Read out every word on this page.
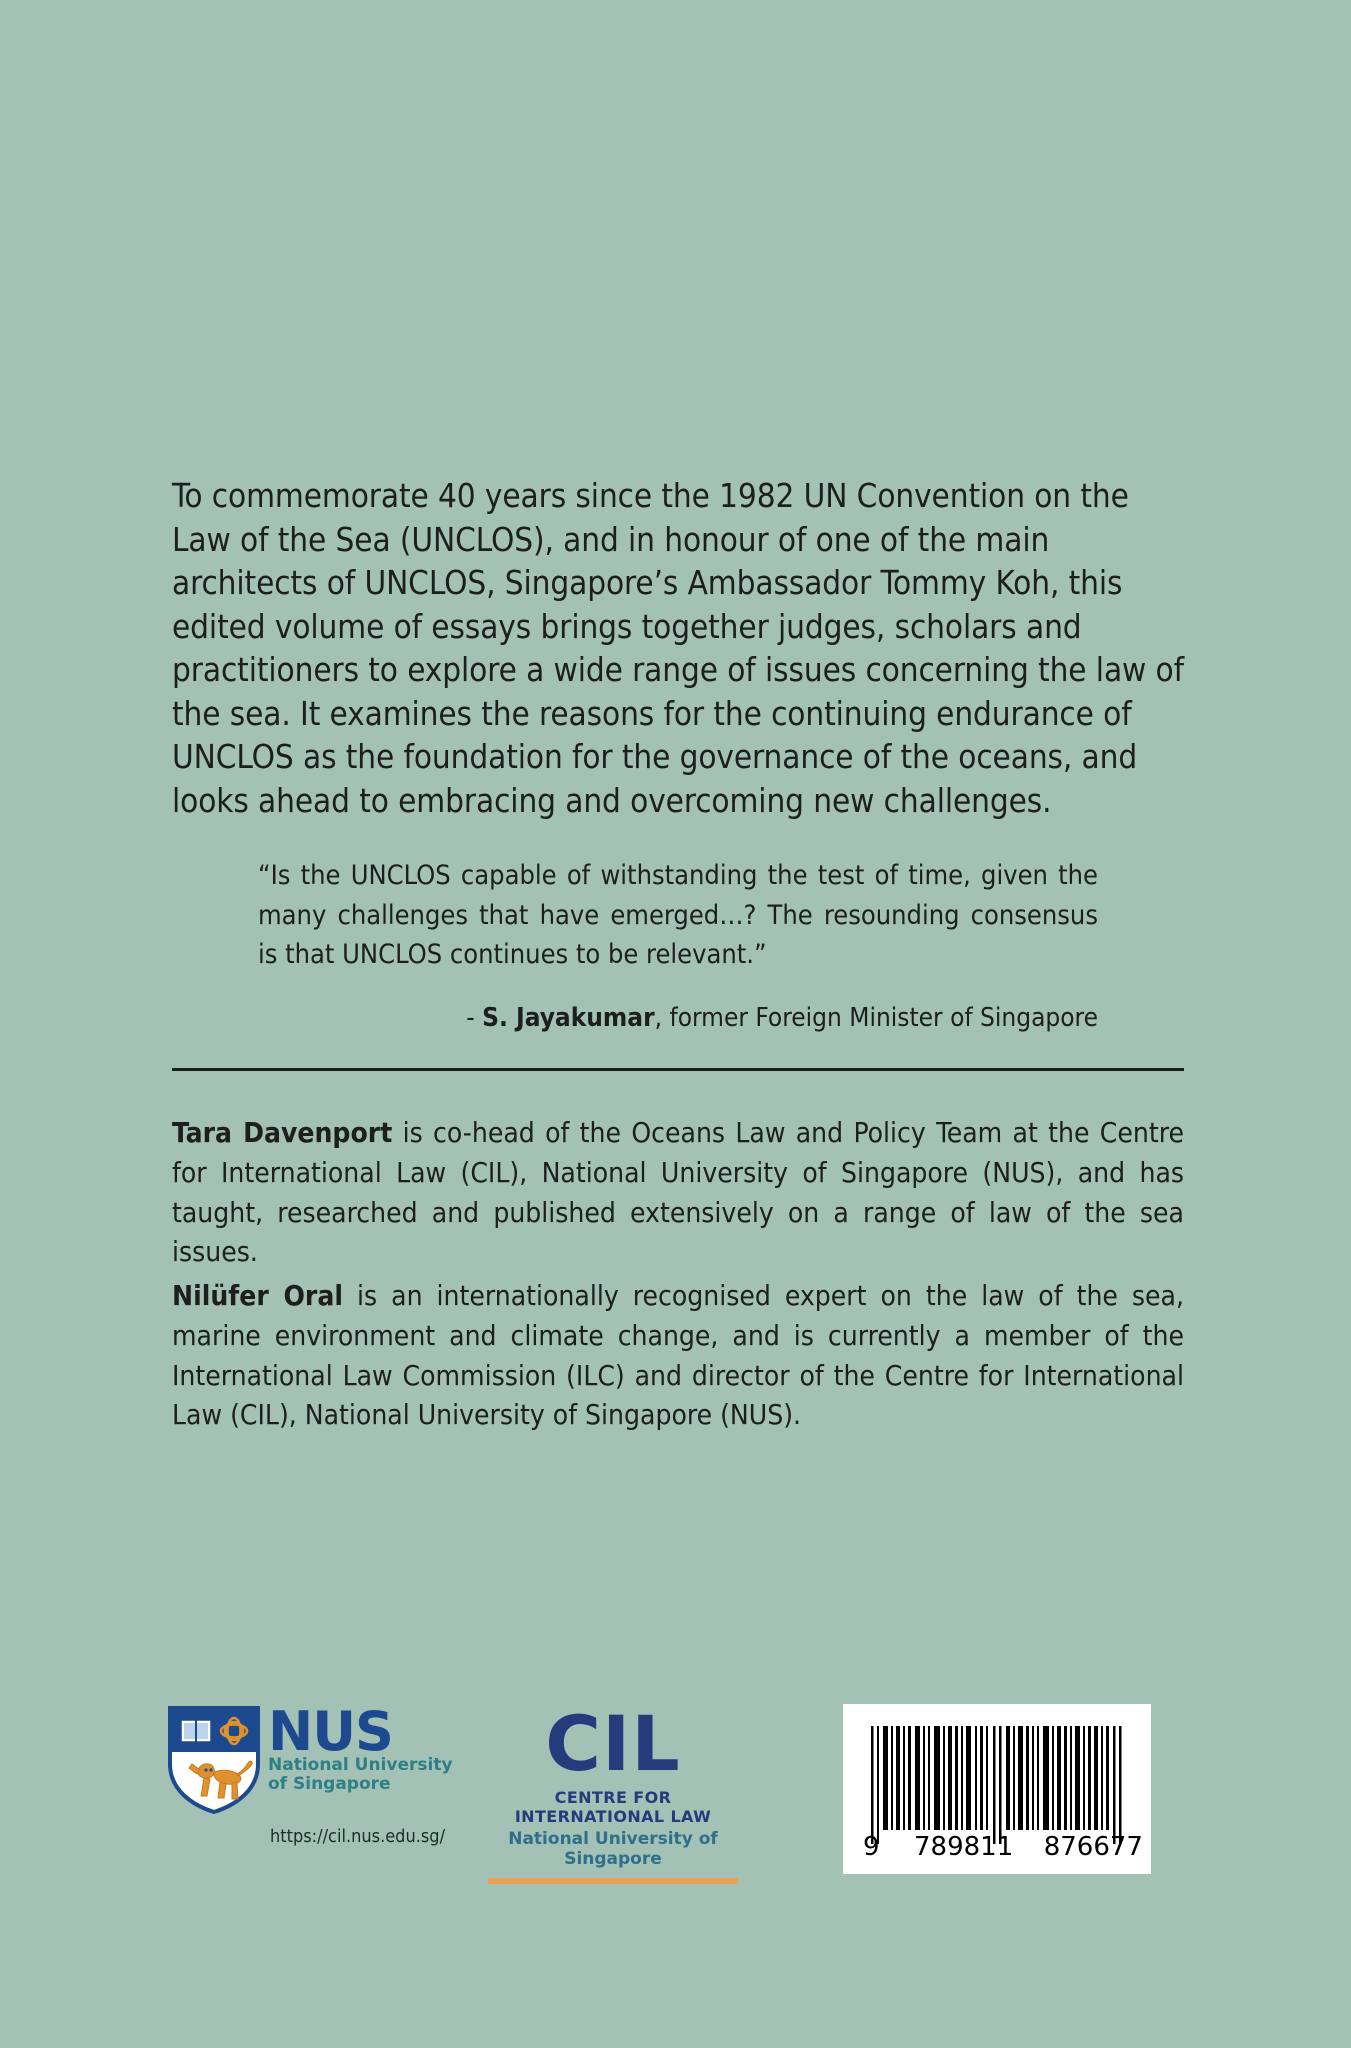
To commemorate 40 years since the 1982 UN Convention on the Law of the Sea (UNCLOS), and in honour of one of the main architects of UNCLOS, Singapore’s Ambassador Tommy Koh, this edited volume of essays brings together judges, scholars and practitioners to explore a wide range of issues concerning the law of the sea. It examines the reasons for the continuing endurance of UNCLOS as the foundation for the governance of the oceans, and looks ahead to embracing and overcoming new challenges.
“Is the UNCLOS capable of withstanding the test of time, given the many challenges that have emerged…? The resounding consensus is that UNCLOS continues to be relevant.”
- S. Jayakumar, former Foreign Minister of Singapore

Tara Davenport is co-head of the Oceans Law and Policy Team at the Centre for International Law (CIL), National University of Singapore (NUS), and has taught, researched and published extensively on a range of law of the sea issues.

Nilüfer Oral is an internationally recognised expert on the law of the sea, marine environment and climate change, and is currently a member of the International Law Commission (ILC) and director of the Centre for International Law (CIL), National University of Singapore (NUS).

NUS
National University
of Singapore
https://cil.nus.edu.sg/
CIL
CENTRE FOR INTERNATIONAL LAW
National University of Singapore	9 789811 876677
